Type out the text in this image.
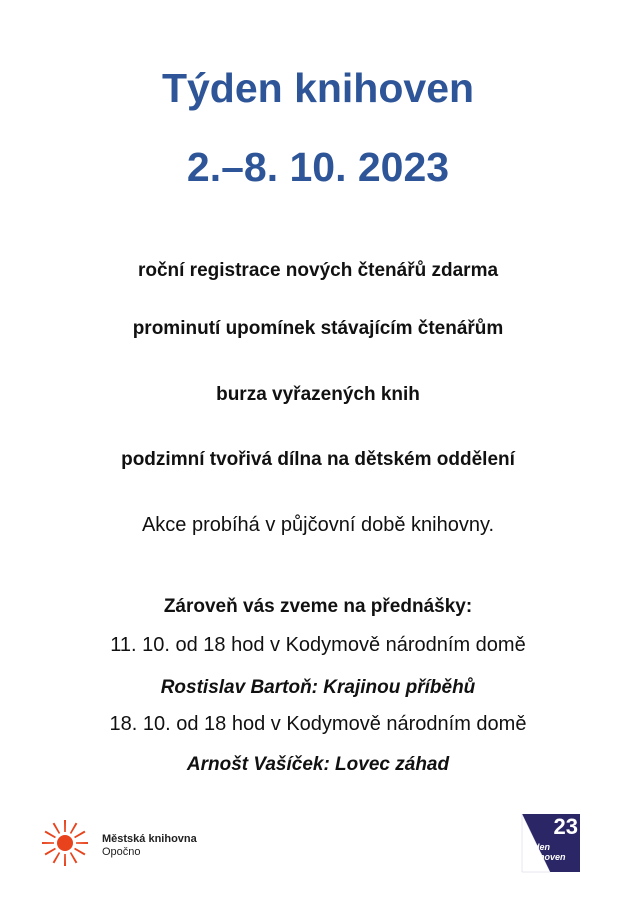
Týden knihoven
2.–8. 10. 2023

roční registrace nových čtenářů zdarma

prominutí upomínek stávajícím čtenářům

burza vyřazených knih

podzimní tvořivá dílna na dětském oddělení

Akce probíhá v půjčovní době knihovny.

Zároveň vás zveme na přednášky:

11. 10. od 18 hod v Kodymově národním domě

Rostislav Bartoň: Krajinou příběhů

18. 10. od 18 hod v Kodymově národním domě

Arnošt Vašíček: Lovec záhad

Městská knihovna
Opočno
23
týden
knihoven
